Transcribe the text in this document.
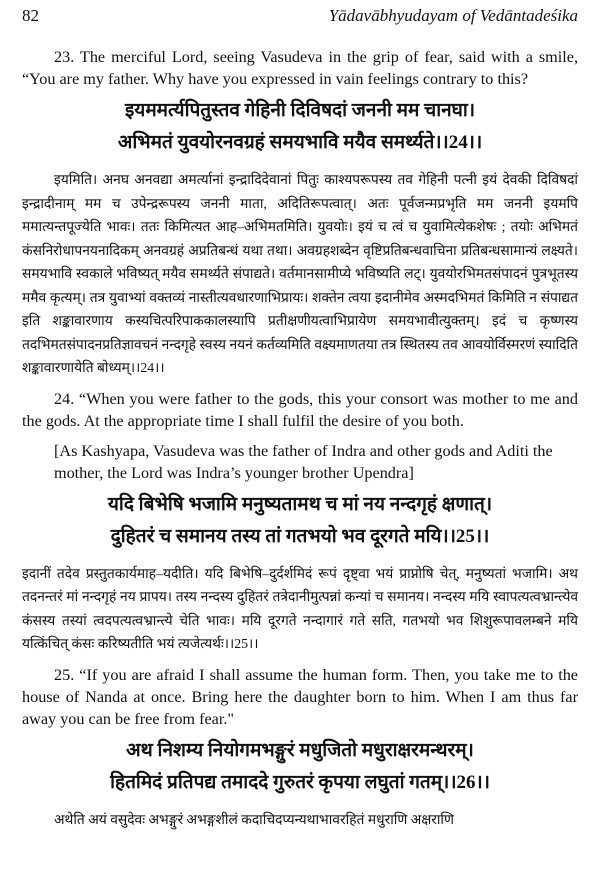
82	Yādavābhyudayam of Vedāntadeśika

23. The merciful Lord, seeing Vasudeva in the grip of fear, said with a smile, “You are my father. Why have you expressed in vain feelings contrary to this?

इयममर्त्यपितुस्तव गेहिनी दिविषदां जननी मम चानघा।
अभिमतं युवयोरनवग्रहं समयभावि मयैव समर्थ्यते।।24।।

इयमिति। अनघ अनवद्या अमर्त्यानां इन्द्रादिदेवानां पितुः काश्यपरूपस्य तव गेहिनी पत्नी इयं देवकी दिविषदां इन्द्रादीनाम् मम च उपेन्द्ररूपस्य जननी माता, अदितिरूपत्वात्। अतः पूर्वजन्मप्रभृति मम जननी इयमपि ममात्यन्तपूज्येति भावः। ततः किमित्यत आह–अभिमतमिति। युवयोः। इयं च त्वं च युवामित्येकशेषः ; तयोः अभिमतं कंसनिरोधापनयनादिकम् अनवग्रहं अप्रतिबन्धं यथा तथा। अवग्रहशब्देन वृष्टिप्रतिबन्धवाचिना प्रतिबन्धसामान्यं लक्ष्यते। समयभावि स्वकाले भविष्यत् मयैव समर्थ्यते संपाद्यते। वर्तमानसामीप्ये भविष्यति लट्। युवयोरभिमतसंपादनं पुत्रभूतस्य ममैव कृत्यम्। तत्र युवाभ्यां वक्तव्यं नास्तीत्यवधारणाभिप्रायः। शक्तेन त्वया इदानीमेव अस्मदभिमतं किमिति न संपाद्यत इति शङ्कावारणाय कस्यचित्परिपाककालस्यापि प्रतीक्षणीयत्वाभिप्रायेण समयभावीत्युक्तम्। इदं च कृष्णस्य तदभिमतसंपादनप्रतिज्ञावचनं नन्दगृहे स्वस्य नयनं कर्तव्यमिति वक्ष्यमाणतया तत्र स्थितस्य तव आवयोर्विस्मरणं स्यादिति शङ्कावारणायेति बोध्यम्।।24।।

24. “When you were father to the gods, this your consort was mother to me and the gods. At the appropriate time I shall fulfil the desire of you both.

[As Kashyapa, Vasudeva was the father of Indra and other gods and Aditi the mother, the Lord was Indra’s younger brother Upendra]

यदि बिभेषि भजामि मनुष्यतामथ च मां नय नन्दगृहं क्षणात्।
दुहितरं च समानय तस्य तां गतभयो भव दूरगते मयि।।25।।

इदानीं तदेव प्रस्तुतकार्यमाह–यदीति। यदि बिभेषि–दुर्दर्शमिदं रूपं दृष्ट्वा भयं प्राप्नोषि चेत्, मनुष्यतां भजामि। अथ तदनन्तरं मां नन्दगृहं नय प्रापय। तस्य नन्दस्य दुहितरं तत्रेदानीमुत्पन्नां कन्यां च समानय। नन्दस्य मयि स्वापत्यत्वभ्रान्त्येव कंसस्य तस्यां त्वदपत्यत्वभ्रान्त्ये चेति भावः। मयि दूरगते नन्दागारं गते सति, गतभयो भव शिशुरूपावलम्बने मयि यत्किंचित् कंसः करिष्यतीति भयं त्यजेत्यर्थः।।25।।

25. “If you are afraid I shall assume the human form. Then, you take me to the house of Nanda at once. Bring here the daughter born to him. When I am thus far away you can be free from fear."

अथ निशम्य नियोगमभङ्गुरं मधुजितो मधुराक्षरमन्थरम्।
हितमिदं प्रतिपद्य तमाददे गुरुतरं कृपया लघुतां गतम्।।26।।

अथेति अयं वसुदेवः अभङ्गुरं अभङ्गशीलं कदाचिदप्यन्यथाभावरहितं मधुराणि अक्षराणि
